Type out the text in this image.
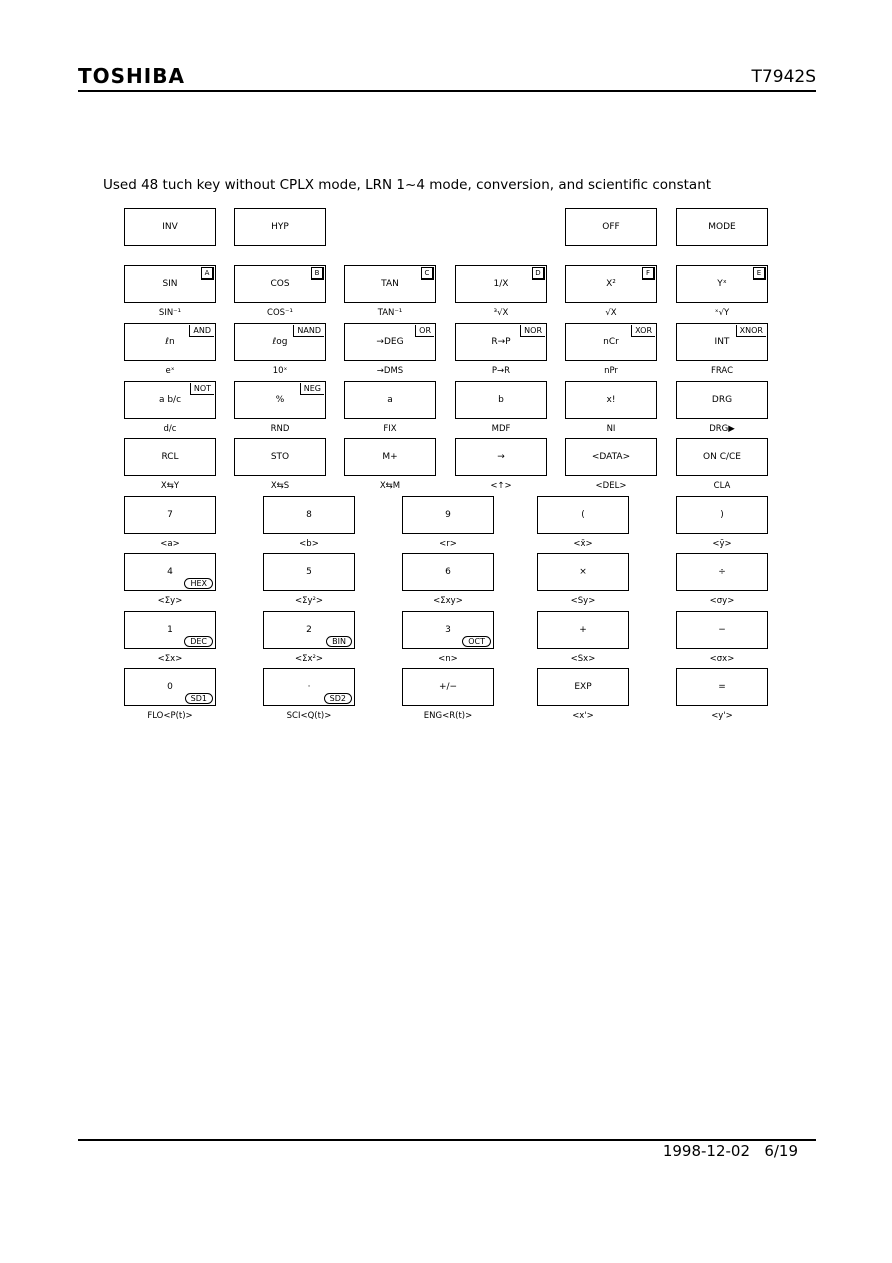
TOSHIBA	T7942S
Used 48 tuch key without CPLX mode, LRN 1~4 mode, conversion, and scientific constant
INV	HYP	OFF	MODE
SIN
A
SIN⁻¹
COS
B
COS⁻¹
TAN
C
TAN⁻¹
1/X
D
³√X
X²
F
√X
Yˣ
E
ˣ√Y
ℓn
AND
eˣ
ℓog
NAND
10ˣ
→DEG
OR
→DMS
R→P
NOR
P→R
nCr
XOR
nPr
INT
XNOR
FRAC
a b/c
NOT
d/c
%
NEG
RND
a
FIX
b
MDF
x!
NI
DRG
DRG▶
RCL
X⇆Y
STO
X⇆S
M+
X⇆M
→
<↑>
<DATA>
<DEL>
ON C/CE
CLA
7
<a>
8
<b>
9
<r>
(
<x̄>
)
<ȳ>
4
HEX
<Σy>
5
<Σy²>
6
<Σxy>
×
<Sy>
÷
<σy>
1
DEC
<Σx>
2
BIN
<Σx²>
3
OCT
<n>
+
<Sx>
−
<σx>
0
SD1
FLO<P(t)>
·
SD2
SCI<Q(t)>
+/−
ENG<R(t)>
EXP
<x'>
=
<y'>
1998-12-02 6/19
